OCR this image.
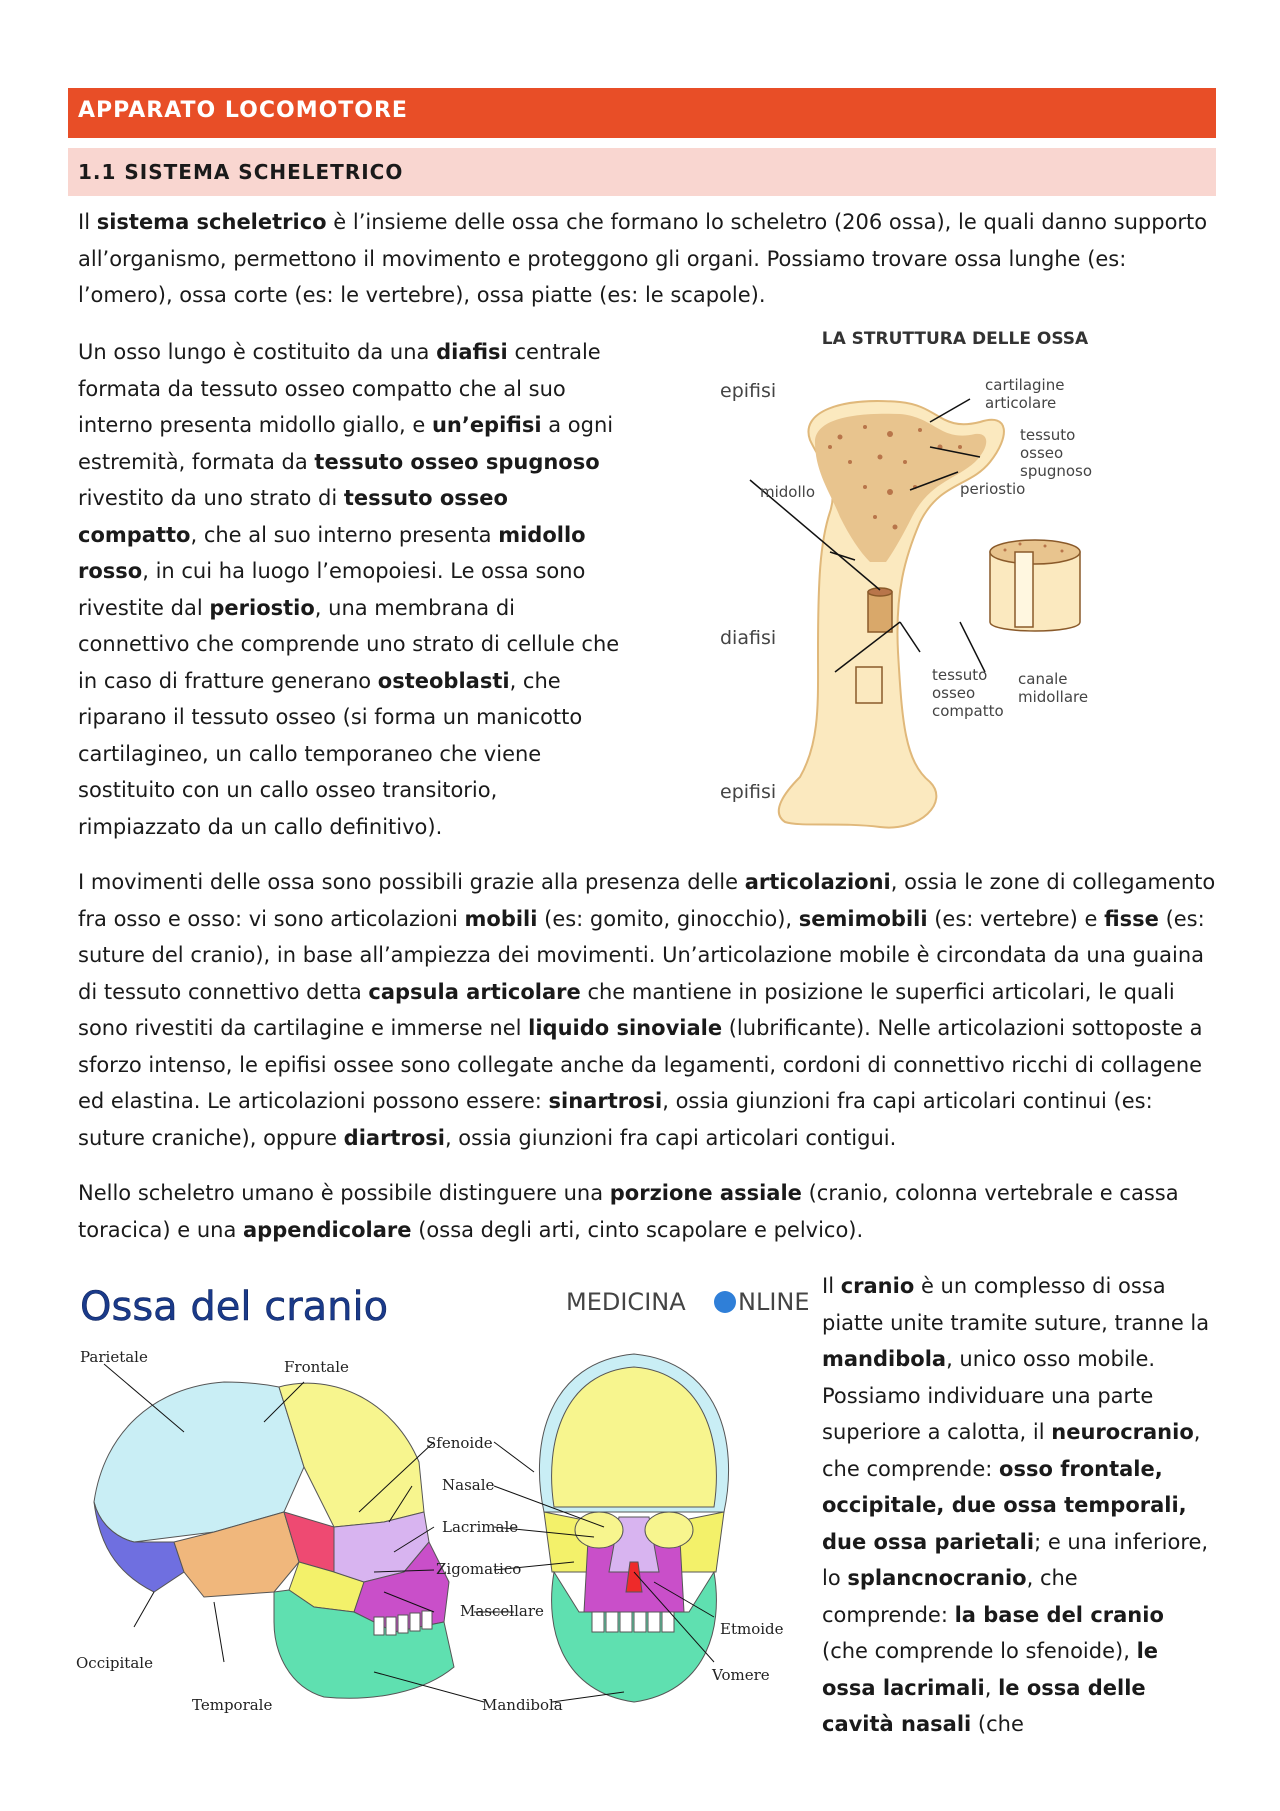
APPARATO LOCOMOTORE
1.1 SISTEMA SCHELETRICO

Il sistema scheletrico è l’insieme delle ossa che formano lo scheletro (206 ossa), le quali danno supporto all’organismo, permettono il movimento e proteggono gli organi. Possiamo trovare ossa lunghe (es: l’omero), ossa corte (es: le vertebre), ossa piatte (es: le scapole).

Un osso lungo è costituito da una diafisi centrale formata da tessuto osseo compatto che al suo interno presenta midollo giallo, e un’epifisi a ogni estremità, formata da tessuto osseo spugnoso rivestito da uno strato di tessuto osseo compatto, che al suo interno presenta midollo rosso, in cui ha luogo l’emopoiesi. Le ossa sono rivestite dal periostio, una membrana di connettivo che comprende uno strato di cellule che in caso di fratture generano osteoblasti, che riparano il tessuto osseo (si forma un manicotto cartilagineo, un callo temporaneo che viene sostituito con un callo osseo transitorio, rimpiazzato da un callo definitivo).

LA STRUTTURA DELLE OSSA
epifisi	cartilagine
articolare
tessuto
osseo
spugnoso
midollo	periostio
diafisi
tessuto
osseo
compatto
canale
midollare
epifisi

I movimenti delle ossa sono possibili grazie alla presenza delle articolazioni, ossia le zone di collegamento fra osso e osso: vi sono articolazioni mobili (es: gomito, ginocchio), semimobili (es: vertebre) e fisse (es: suture del cranio), in base all’ampiezza dei movimenti. Un’articolazione mobile è circondata da una guaina di tessuto connettivo detta capsula articolare che mantiene in posizione le superfici articolari, le quali sono rivestiti da cartilagine e immerse nel liquido sinoviale (lubrificante). Nelle articolazioni sottoposte a sforzo intenso, le epifisi ossee sono collegate anche da legamenti, cordoni di connettivo ricchi di collagene ed elastina. Le articolazioni possono essere: sinartrosi, ossia giunzioni fra capi articolari continui (es: suture craniche), oppure diartrosi, ossia giunzioni fra capi articolari contigui.

Nello scheletro umano è possibile distinguere una porzione assiale (cranio, colonna vertebrale e cassa toracica) e una appendicolare (ossa degli arti, cinto scapolare e pelvico).

Ossa del cranio	MEDICINA NLINE
Parietale
Frontale
Sfenoide
Nasale
Lacrimale
Zigomatico
Mascellare
Etmoide
Vomere
Occipitale
Temporale	Mandibola

Il cranio è un complesso di ossa piatte unite tramite suture, tranne la mandibola, unico osso mobile. Possiamo individuare una parte superiore a calotta, il neurocranio, che comprende: osso frontale, occipitale, due ossa temporali, due ossa parietali; e una inferiore, lo splancnocranio, che comprende: la base del cranio (che comprende lo sfenoide), le ossa lacrimali, le ossa delle cavità nasali (che
